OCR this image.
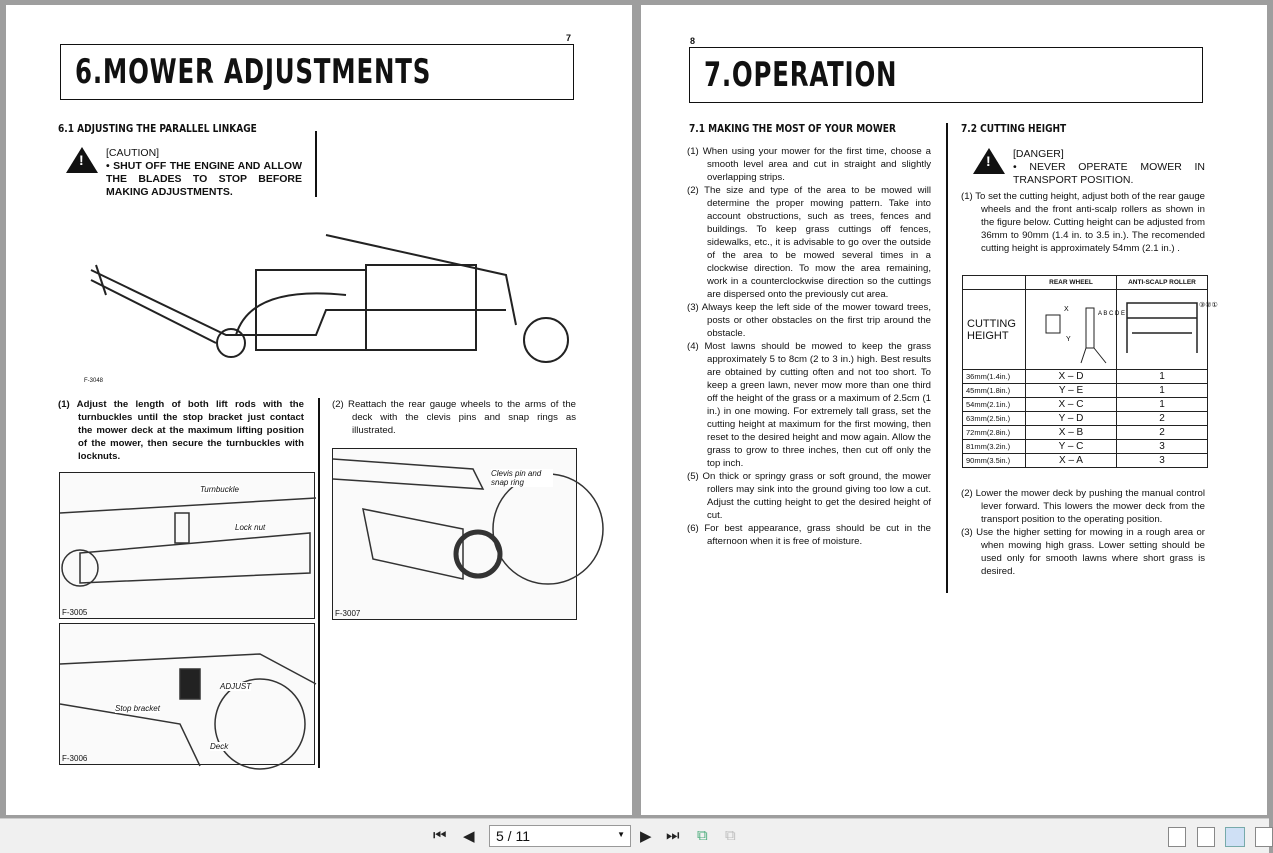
7
6.MOWER ADJUSTMENTS
6.1 ADJUSTING THE PARALLEL LINKAGE
! [CAUTION]
• SHUT OFF THE ENGINE AND ALLOW THE BLADES TO STOP BEFORE MAKING ADJUSTMENTS.
F-3048
(1) Adjust the length of both lift rods with the turnbuckles until the stop bracket just contact the mower deck at the maximum lifting position of the mower, then secure the turnbuckles with locknuts.
(2) Reattach the rear gauge wheels to the arms of the deck with the clevis pins and snap rings as illustrated.
Turnbuckle
Lock nut
F-3005
ADJUST
Stop bracket
Deck
F-3006
Clevis pin and snap ring
F-3007
8
7.OPERATION
7.1 MAKING THE MOST OF YOUR MOWER

(1) When using your mower for the first time, choose a smooth level area and cut in straight and slightly overlapping strips.

(2) The size and type of the area to be mowed will determine the proper mowing pattern. Take into account obstructions, such as trees, fences and buildings. To keep grass cuttings off fences, sidewalks, etc., it is advisable to go over the outside of the area to be mowed several times in a clockwise direction. To mow the area remaining, work in a counterclockwise direction so the cuttings are dispersed onto the previously cut area.

(3) Always keep the left side of the mower toward trees, posts or other obstacles on the first trip around the obstacle.

(4) Most lawns should be mowed to keep the grass approximately 5 to 8cm (2 to 3 in.) high. Best results are obtained by cutting often and not too short. To keep a green lawn, never mow more than one third off the height of the grass or a maximum of 2.5cm (1 in.) in one mowing. For extremely tall grass, set the cutting height at maximum for the first mowing, then reset to the desired height and mow again. Allow the grass to grow to three inches, then cut off only the top inch.

(5) On thick or springy grass or soft ground, the mower rollers may sink into the ground giving too low a cut. Adjust the cutting height to get the desired height of cut.

(6) For best appearance, grass should be cut in the afternoon when it is free of moisture.

7.2 CUTTING HEIGHT
! [DANGER]
• NEVER OPERATE MOWER IN TRANSPORT POSITION.
(1) To set the cutting height, adjust both of the rear gauge wheels and the front anti-scalp rollers as shown in the figure below. Cutting height can be adjusted from 36mm to 90mm (1.4 in. to 3.5 in.). The recomended cutting height is approximately 54mm (2.1 in.) .
	REAR WHEEL	ANTI-SCALP ROLLER
CUTTING HEIGHT	X
Y
A B C D E	③②①

36mm(1.4in.)	X – D	1
45mm(1.8in.)	Y – E	1
54mm(2.1in.)	X – C	1
63mm(2.5in.)	Y – D	2
72mm(2.8in.)	X – B	2
81mm(3.2in.)	Y – C	3
90mm(3.5in.)	X – A	3

(2) Lower the mower deck by pushing the manual control lever forward. This lowers the mower deck from the transport position to the operating position.

(3) Use the higher setting for mowing in a rough area or when mowing high grass. Lower setting should be used only for smooth lawns where short grass is desired.

⏮ ◀	5 / 11	▼ ▶ ⏭ ⧉ ⧉
